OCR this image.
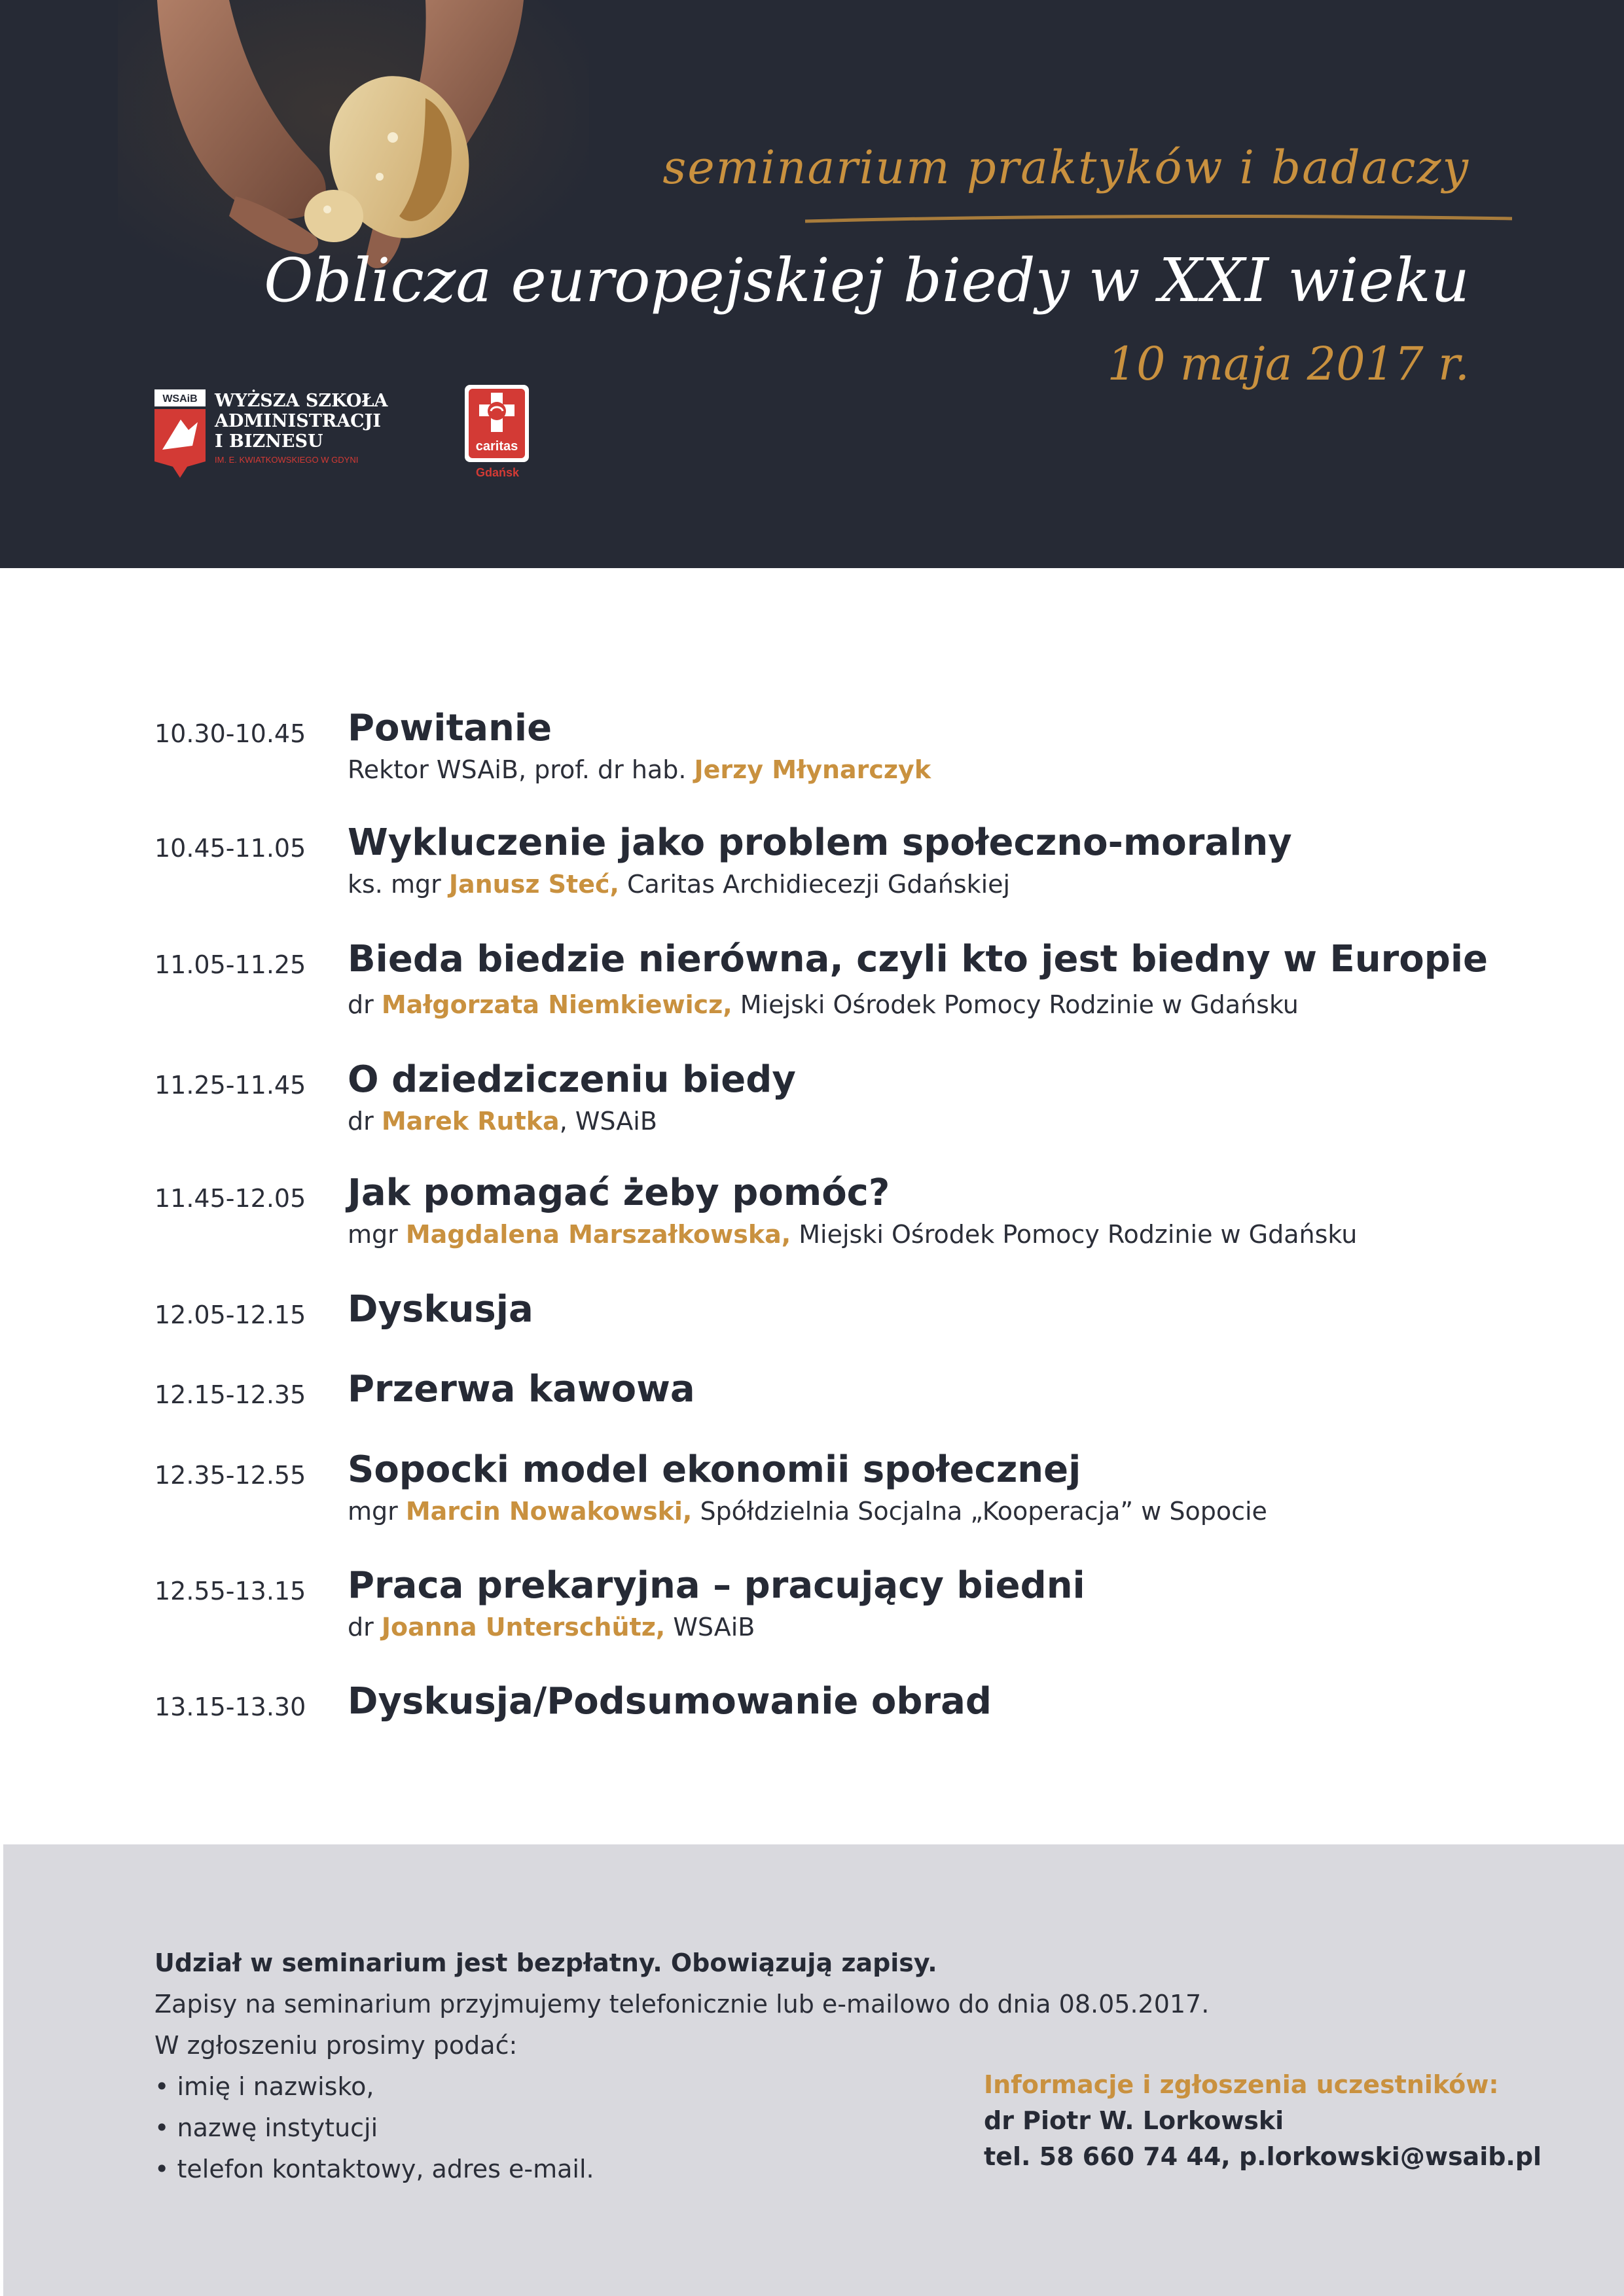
seminarium praktyków i badaczy
Oblicza europejskiej biedy w XXI wieku
10 maja 2017 r.
WSAiB WYŻSZA SZKOŁA
ADMINISTRACJI
I BIZNESU
IM. E. KWIATKOWSKIEGO W GDYNI
caritas
Gdańsk
10.30-10.45 Powitanie
Rektor WSAiB, prof. dr hab. Jerzy Młynarczyk
10.45-11.05 Wykluczenie jako problem społeczno-moralny
ks. mgr Janusz Steć, Caritas Archidiecezji Gdańskiej
11.05-11.25 Bieda biedzie nierówna, czyli kto jest biedny w Europie
dr Małgorzata Niemkiewicz, Miejski Ośrodek Pomocy Rodzinie w Gdańsku
11.25-11.45 O dziedziczeniu biedy
dr Marek Rutka, WSAiB
11.45-12.05 Jak pomagać żeby pomóc?
mgr Magdalena Marszałkowska, Miejski Ośrodek Pomocy Rodzinie w Gdańsku
12.05-12.15 Dyskusja
12.15-12.35 Przerwa kawowa
12.35-12.55 Sopocki model ekonomii społecznej
mgr Marcin Nowakowski, Spółdzielnia Socjalna „Kooperacja” w Sopocie
12.55-13.15 Praca prekaryjna – pracujący biedni
dr Joanna Unterschütz, WSAiB
13.15-13.30 Dyskusja/Podsumowanie obrad
Udział w seminarium jest bezpłatny. Obowiązują zapisy.
Zapisy na seminarium przyjmujemy telefonicznie lub e-mailowo do dnia 08.05.2017.
W zgłoszeniu prosimy podać:
• imię i nazwisko,
• nazwę instytucji
• telefon kontaktowy, adres e-mail.
Informacje i zgłoszenia uczestników:
dr Piotr W. Lorkowski
tel. 58 660 74 44, p.lorkowski@wsaib.pl
